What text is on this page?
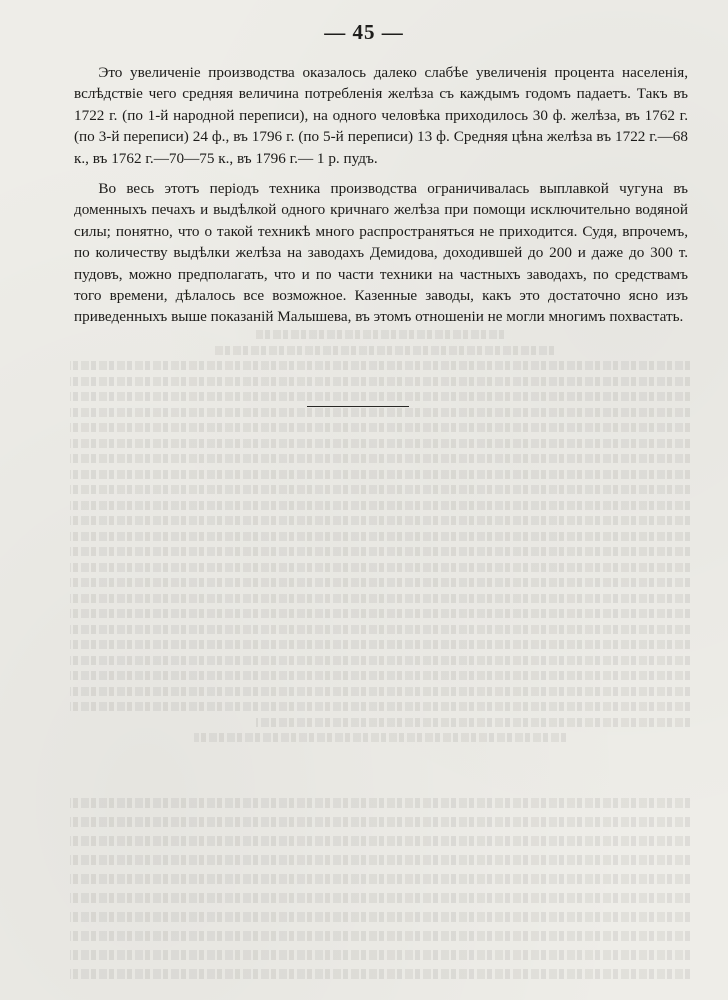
— 45 —

Это увеличеніе производства оказалось далеко слабѣе увеличенія процента населенія, вслѣдствіе чего средняя величина потребленія желѣза съ каждымъ годомъ падаетъ. Такъ въ 1722 г. (по 1-й народной переписи), на одного человѣка приходилось 30 ф. желѣза, въ 1762 г. (по 3-й переписи) 24 ф., въ 1796 г. (по 5-й переписи) 13 ф. Средняя цѣна желѣза въ 1722 г.—68 к., въ 1762 г.—70—75 к., въ 1796 г.— 1 р. пудъ.

Во весь этотъ періодъ техника производства ограничивалась выплавкой чугуна въ доменныхъ печахъ и выдѣлкой одного кричнаго желѣза при помощи исключительно водяной силы; понятно, что о такой техникѣ много распространяться не приходится. Судя, впрочемъ, по количеству выдѣлки желѣза на заводахъ Демидова, доходившей до 200 и даже до 300 т. пудовъ, можно предполагать, что и по части техники на частныхъ заводахъ, по средствамъ того времени, дѣлалось все возможное. Казенные заводы, какъ это достаточно ясно изъ приведенныхъ выше показаній Малышева, въ этомъ отношеніи не могли многимъ похвастать.
